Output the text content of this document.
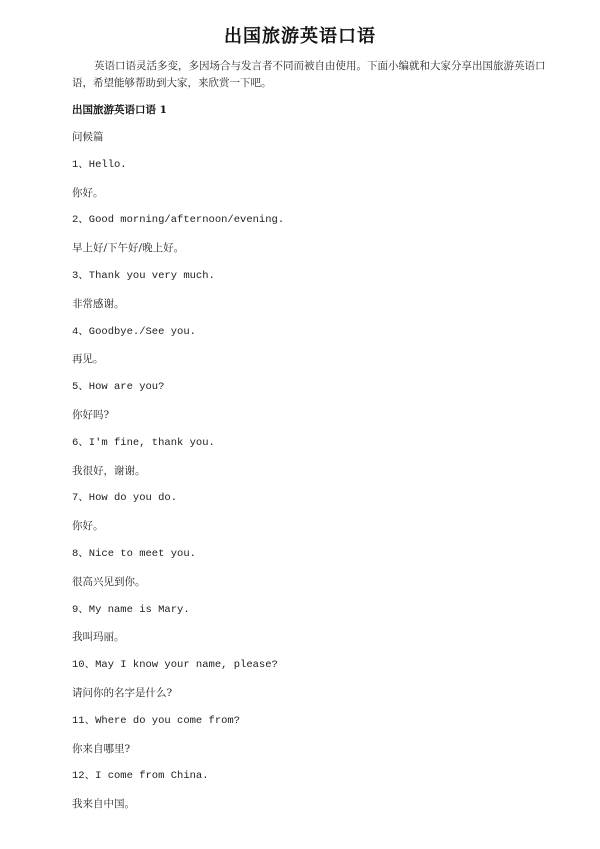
出国旅游英语口语
英语口语灵活多变，多因场合与发言者不同而被自由使用。下面小编就和大家分享出国旅游英语口语，希望能够帮助到大家，来欣赏一下吧。
出国旅游英语口语 1
问候篇
1、Hello.
你好。
2、Good morning/afternoon/evening.
早上好/下午好/晚上好。
3、Thank you very much.
非常感谢。
4、Goodbye./See you.
再见。
5、How are you?
你好吗?
6、I'm fine, thank you.
我很好，谢谢。
7、How do you do.
你好。
8、Nice to meet you.
很高兴见到你。
9、My name is Mary.
我叫玛丽。
10、May I know your name, please?
请问你的名字是什么?
11、Where do you come from?
你来自哪里?
12、I come from China.
我来自中国。
